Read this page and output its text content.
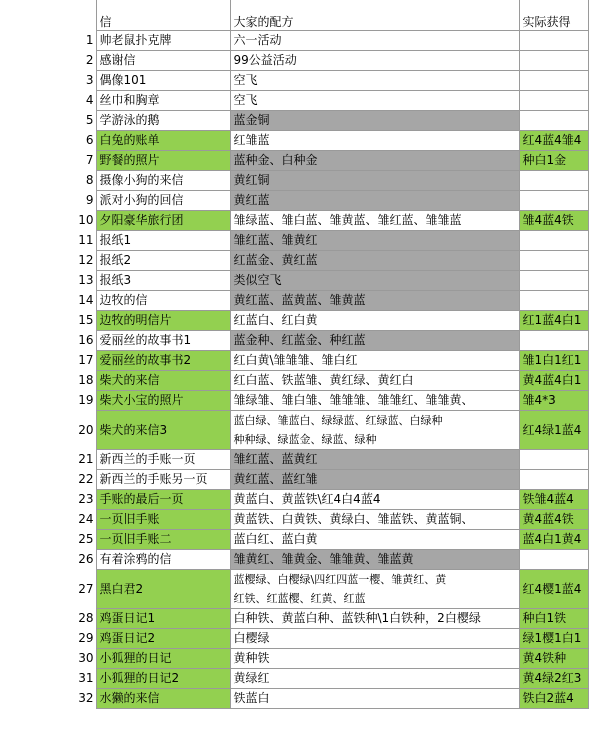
	信	大家的配方	实际获得
1	帅老鼠扑克牌	六一活动	
2	感谢信	99公益活动	
3	偶像101	空飞	
4	丝巾和胸章	空飞	
5	学游泳的鹅	蓝金铜	
6	白兔的账单	红雏蓝	红4蓝4雏4
7	野餐的照片	蓝种金、白种金	种白1金
8	摄像小狗的来信	黄红铜	
9	派对小狗的回信	黄红蓝	
10	夕阳豪华旅行团	雏绿蓝、雏白蓝、雏黄蓝、雏红蓝、雏雏蓝	雏4蓝4铁
11	报纸1	雏红蓝、雏黄红	
12	报纸2	红蓝金、黄红蓝	
13	报纸3	类似空飞	
14	边牧的信	黄红蓝、蓝黄蓝、雏黄蓝	
15	边牧的明信片	红蓝白、红白黄	红1蓝4白1
16	爱丽丝的故事书1	蓝金种、红蓝金、种红蓝	
17	爱丽丝的故事书2	红白黄\雏雏雏、雏白红	雏1白1红1
18	柴犬的来信	红白蓝、铁蓝雏、黄红绿、黄红白	黄4蓝4白1
19	柴犬小宝的照片	雏绿雏、雏白雏、雏雏雏、雏雏红、雏雏黄、	雏4*3
20	柴犬的来信3	蓝白绿、雏蓝白、绿绿蓝、红绿蓝、白绿种
种种绿、绿蓝金、绿蓝、绿种	红4绿1蓝4
21	新西兰的手账一页	雏红蓝、蓝黄红	
22	新西兰的手账另一页	黄红蓝、蓝红雏	
23	手账的最后一页	黄蓝白、黄蓝铁\红4白4蓝4	铁雏4蓝4
24	一页旧手账	黄蓝铁、白黄铁、黄绿白、雏蓝铁、黄蓝铜、	黄4蓝4铁
25	一页旧手账二	蓝白红、蓝白黄	蓝4白1黄4
26	有着涂鸦的信	雏黄红、雏黄金、雏雏黄、雏蓝黄	
27	黑白君2	蓝樱绿、白樱绿\四红四蓝一樱、雏黄红、黄
红铁、红蓝樱、红黄、红蓝	红4樱1蓝4
28	鸡蛋日记1	白种铁、黄蓝白种、蓝铁种\1白铁种，2白樱绿	种白1铁
29	鸡蛋日记2	白樱绿	绿1樱1白1
30	小狐狸的日记	黄种铁	黄4铁种
31	小狐狸的日记2	黄绿红	黄4绿2红3
32	水獭的来信	铁蓝白	铁白2蓝4
